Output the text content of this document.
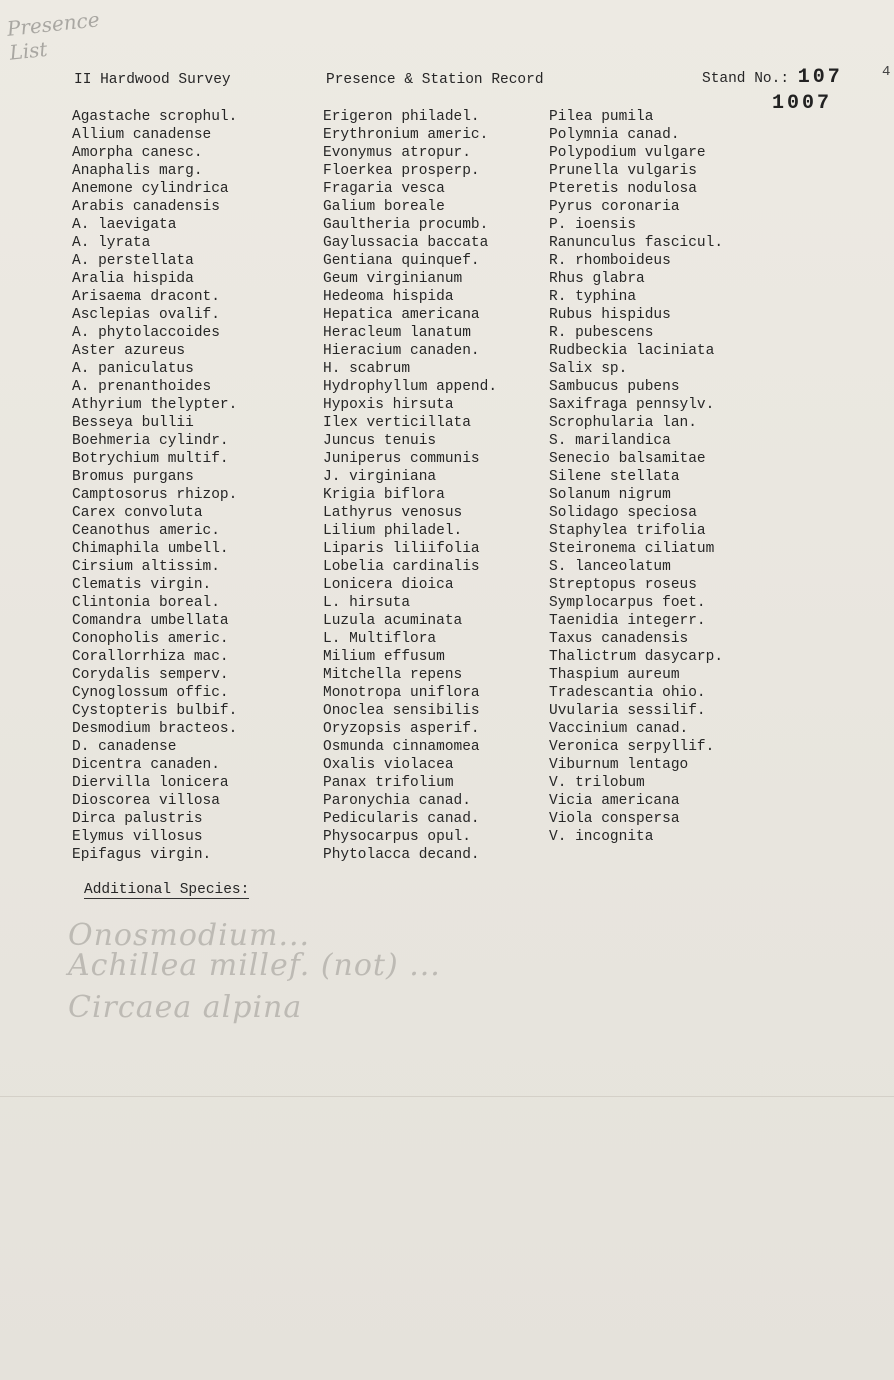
Presence
List
II Hardwood Survey	Presence & Station Record	Stand No.: 107
1007
4
Agastache scrophul.
Allium canadense
Amorpha canesc.
Anaphalis marg.
Anemone cylindrica
Arabis canadensis
A. laevigata
A. lyrata
A. perstellata
Aralia hispida
Arisaema dracont.
Asclepias ovalif.
A. phytolaccoides
Aster azureus
A. paniculatus
A. prenanthoides
Athyrium thelypter.
Besseya bullii
Boehmeria cylindr.
Botrychium multif.
Bromus purgans
Camptosorus rhizop.
Carex convoluta
Ceanothus americ.
Chimaphila umbell.
Cirsium altissim.
Clematis virgin.
Clintonia boreal.
Comandra umbellata
Conopholis americ.
Corallorrhiza mac.
Corydalis semperv.
Cynoglossum offic.
Cystopteris bulbif.
Desmodium bracteos.
D. canadense
Dicentra canaden.
Diervilla lonicera
Dioscorea villosa
Dirca palustris
Elymus villosus
Epifagus virgin.
Erigeron philadel.
Erythronium americ.
Evonymus atropur.
Floerkea prosperp.
Fragaria vesca
Galium boreale
Gaultheria procumb.
Gaylussacia baccata
Gentiana quinquef.
Geum virginianum
Hedeoma hispida
Hepatica americana
Heracleum lanatum
Hieracium canaden.
H. scabrum
Hydrophyllum append.
Hypoxis hirsuta
Ilex verticillata
Juncus tenuis
Juniperus communis
J. virginiana
Krigia biflora
Lathyrus venosus
Lilium philadel.
Liparis liliifolia
Lobelia cardinalis
Lonicera dioica
L. hirsuta
Luzula acuminata
L. Multiflora
Milium effusum
Mitchella repens
Monotropa uniflora
Onoclea sensibilis
Oryzopsis asperif.
Osmunda cinnamomea
Oxalis violacea
Panax trifolium
Paronychia canad.
Pedicularis canad.
Physocarpus opul.
Phytolacca decand.
Pilea pumila
Polymnia canad.
Polypodium vulgare
Prunella vulgaris
Pteretis nodulosa
Pyrus coronaria
P. ioensis
Ranunculus fascicul.
R. rhomboideus
Rhus glabra
R. typhina
Rubus hispidus
R. pubescens
Rudbeckia laciniata
Salix sp.
Sambucus pubens
Saxifraga pennsylv.
Scrophularia lan.
S. marilandica
Senecio balsamitae
Silene stellata
Solanum nigrum
Solidago speciosa
Staphylea trifolia
Steironema ciliatum
S. lanceolatum
Streptopus roseus
Symplocarpus foet.
Taenidia integerr.
Taxus canadensis
Thalictrum dasycarp.
Thaspium aureum
Tradescantia ohio.
Uvularia sessilif.
Vaccinium canad.
Veronica serpyllif.
Viburnum lentago
V. trilobum
Vicia americana
Viola conspersa
V. incognita
Additional Species:
Onosmodium...
Achillea millef. (not) ...
Circaea alpina
